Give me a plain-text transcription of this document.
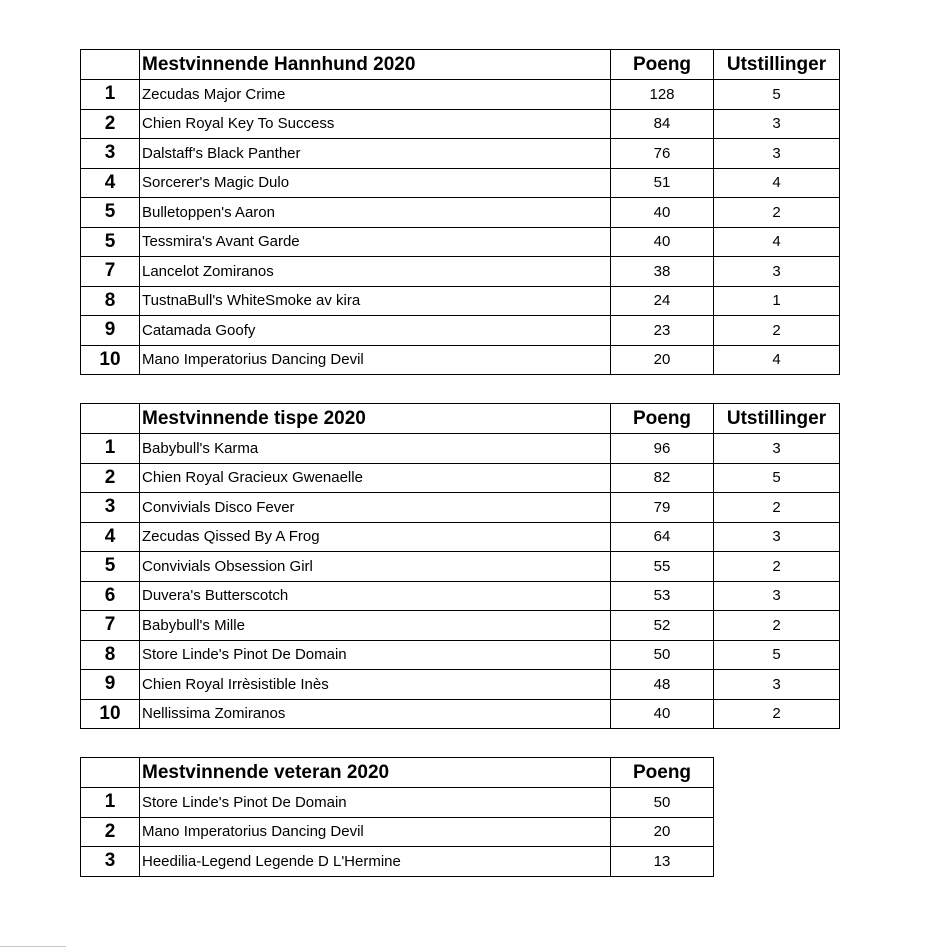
	Mestvinnende Hannhund 2020	Poeng	Utstillinger
1	Zecudas Major Crime	128	5
2	Chien Royal Key To Success	84	3
3	Dalstaff's Black Panther	76	3
4	Sorcerer's Magic Dulo	51	4
5	Bulletoppen's Aaron	40	2
5	Tessmira's Avant Garde	40	4
7	Lancelot Zomiranos	38	3
8	TustnaBull's WhiteSmoke av kira	24	1
9	Catamada Goofy	23	2
10	Mano Imperatorius Dancing Devil	20	4
	Mestvinnende tispe 2020	Poeng	Utstillinger
1	Babybull's Karma	96	3
2	Chien Royal Gracieux Gwenaelle	82	5
3	Convivials Disco Fever	79	2
4	Zecudas Qissed By A Frog	64	3
5	Convivials Obsession Girl	55	2
6	Duvera's Butterscotch	53	3
7	Babybull's Mille	52	2
8	Store Linde's Pinot De Domain	50	5
9	Chien Royal Irrèsistible Inès	48	3
10	Nellissima Zomiranos	40	2
	Mestvinnende veteran 2020	Poeng
1	Store Linde's Pinot De Domain	50
2	Mano Imperatorius Dancing Devil	20
3	Heedilia-Legend Legende D L'Hermine	13
